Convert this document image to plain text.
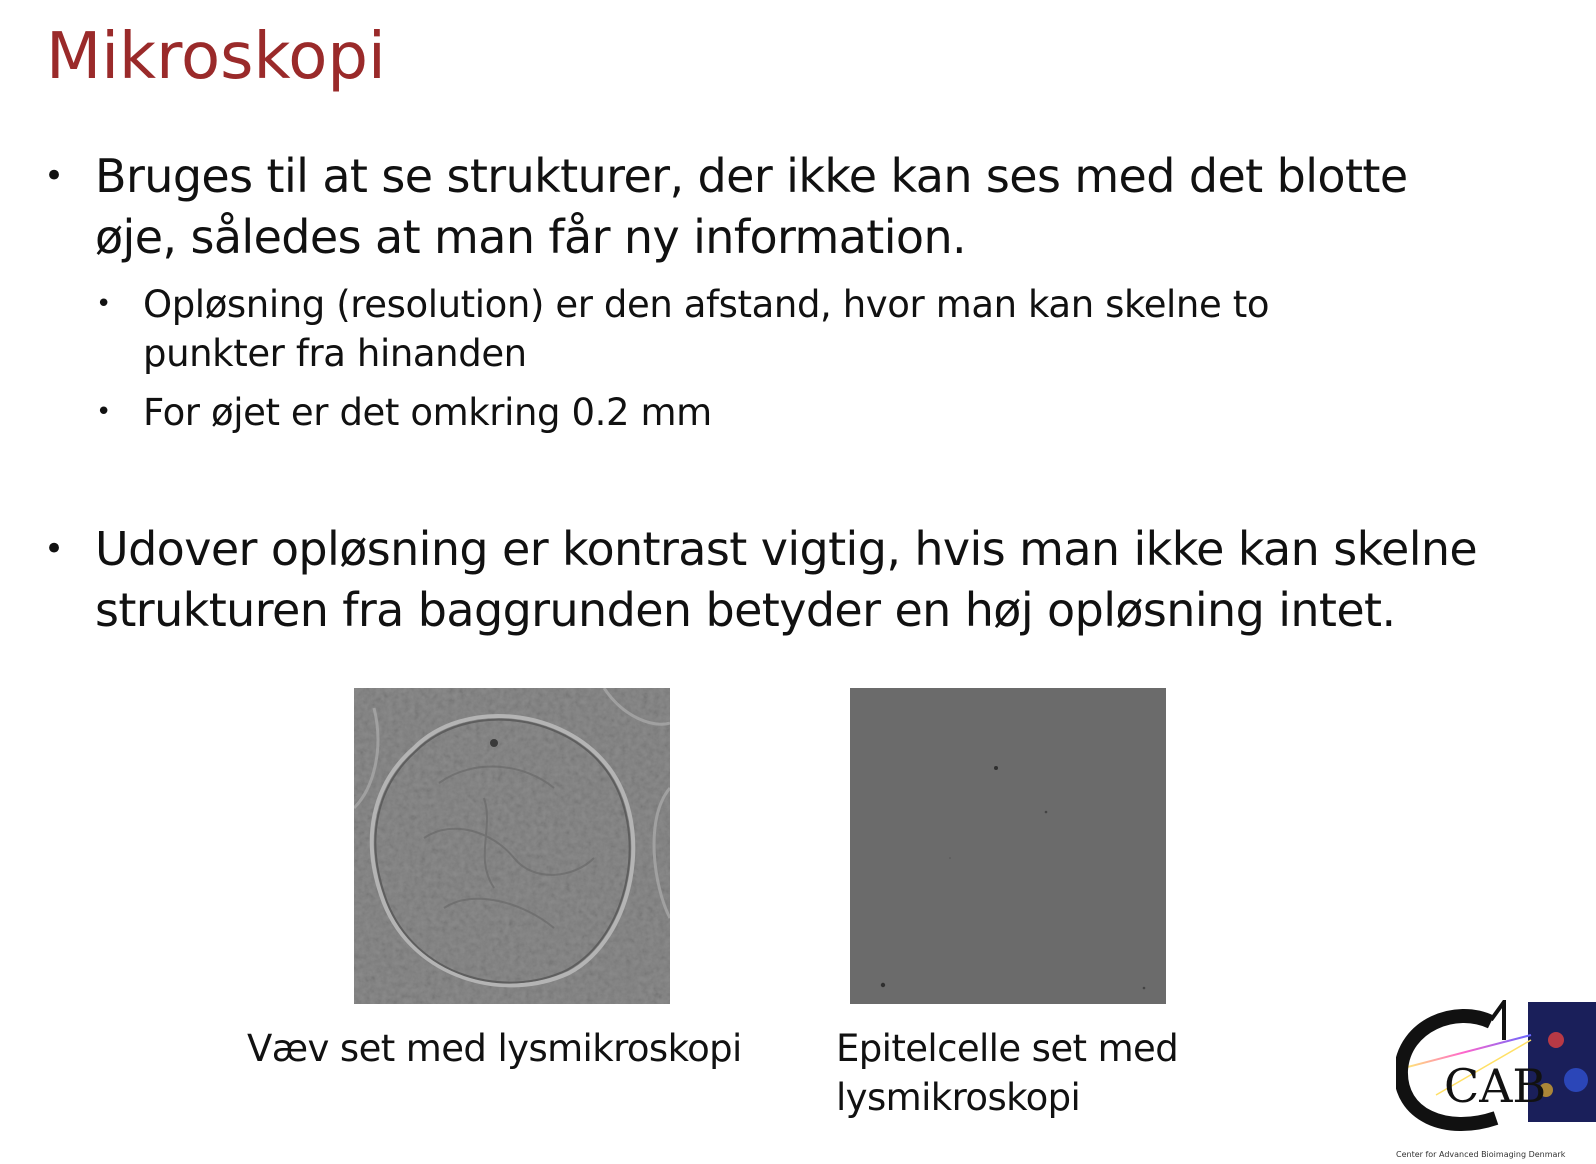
Mikroskopi
• Bruges til at se strukturer, der ikke kan ses med det blotte øje, således at man får ny information.
• Opløsning (resolution) er den afstand, hvor man kan skelne to punkter fra hinanden
• For øjet er det omkring 0.2 mm
• Udover opløsning er kontrast vigtig, hvis man ikke kan skelne strukturen fra baggrunden betyder en høj opløsning intet.
Væv set med lysmikroskopi	Epitelcelle set med lysmikroskopi	CAB
Center for Advanced Bioimaging Denmark
